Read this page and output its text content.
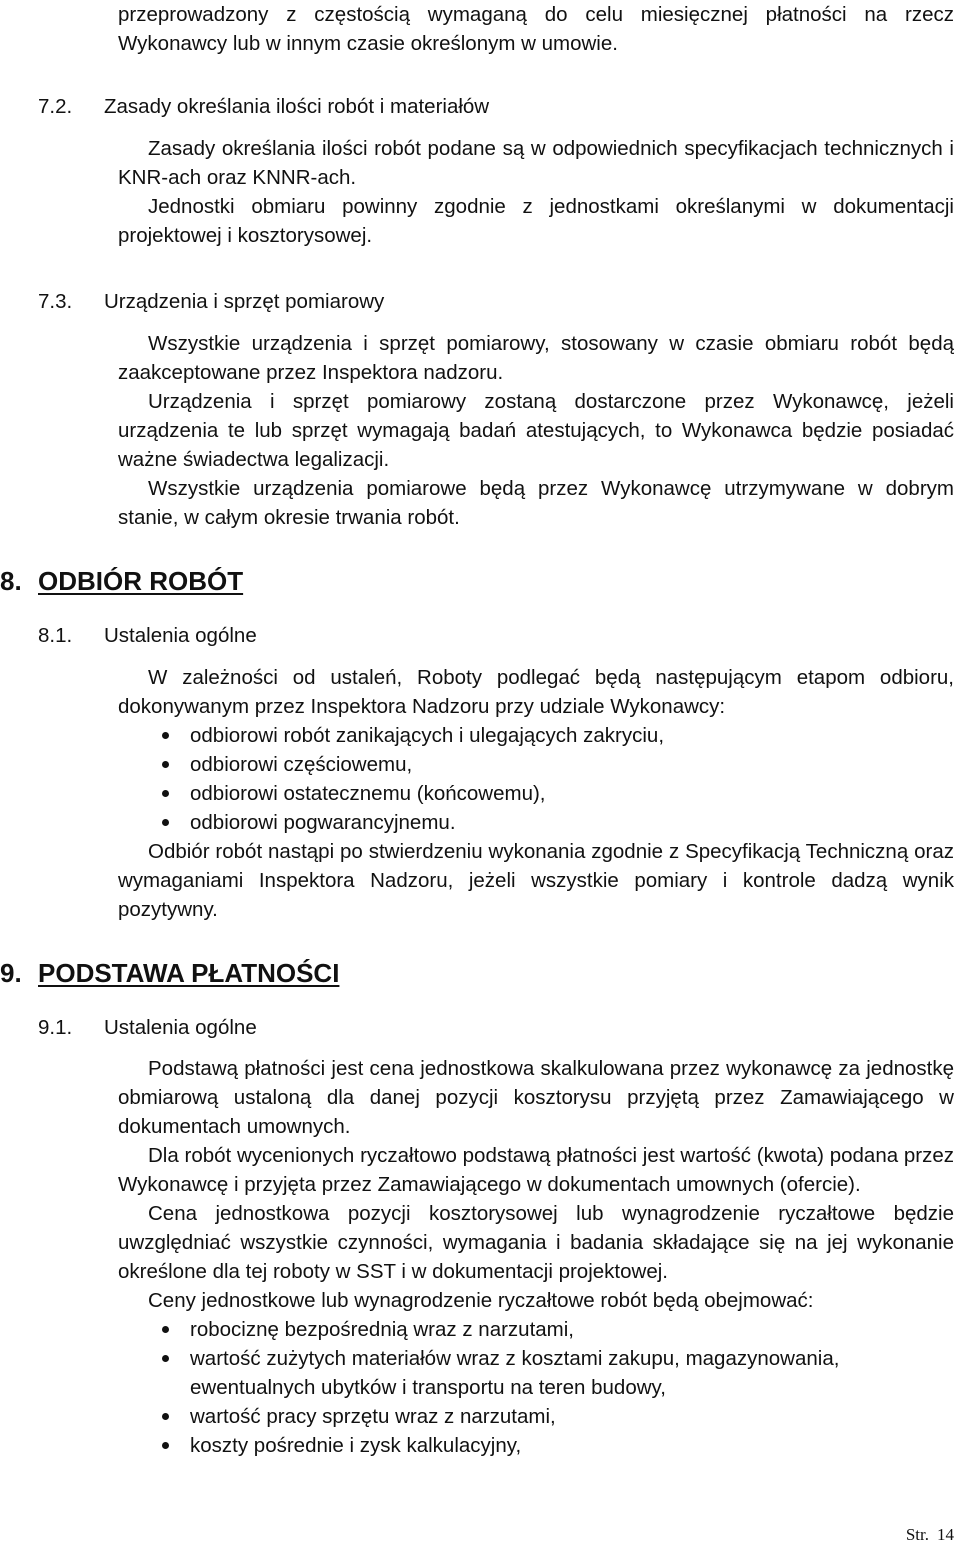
przeprowadzony z częstością wymaganą do celu miesięcznej płatności na rzecz Wykonawcy lub w innym czasie określonym w umowie.

7.2. Zasady określania ilości robót i materiałów

Zasady określania ilości robót podane są w odpowiednich specyfikacjach technicznych i KNR-ach oraz KNNR-ach.

Jednostki obmiaru powinny zgodnie z jednostkami określanymi w dokumentacji projektowej i kosztorysowej.

7.3. Urządzenia i sprzęt pomiarowy

Wszystkie urządzenia i sprzęt pomiarowy, stosowany w czasie obmiaru robót będą zaakceptowane przez Inspektora nadzoru.

Urządzenia i sprzęt pomiarowy zostaną dostarczone przez Wykonawcę, jeżeli urządzenia te lub sprzęt wymagają badań atestujących, to Wykonawca będzie posiadać ważne świadectwa legalizacji.

Wszystkie urządzenia pomiarowe będą przez Wykonawcę utrzymywane w dobrym stanie, w całym okresie trwania robót.

8. ODBIÓR ROBÓT
8.1. Ustalenia ogólne

W zależności od ustaleń, Roboty podlegać będą następującym etapom odbioru, dokonywanym przez Inspektora Nadzoru przy udziale Wykonawcy:

odbiorowi robót zanikających i ulegających zakryciu,
odbiorowi częściowemu,
odbiorowi ostatecznemu (końcowemu),
odbiorowi pogwarancyjnemu.

Odbiór robót nastąpi po stwierdzeniu wykonania zgodnie z Specyfikacją Techniczną oraz wymaganiami Inspektora Nadzoru, jeżeli wszystkie pomiary i kontrole dadzą wynik pozytywny.

9. PODSTAWA PŁATNOŚCI
9.1. Ustalenia ogólne

Podstawą płatności jest cena jednostkowa skalkulowana przez wykonawcę za jednostkę obmiarową ustaloną dla danej pozycji kosztorysu przyjętą przez Zamawiającego w dokumentach umownych.

Dla robót wycenionych ryczałtowo podstawą płatności jest wartość (kwota) podana przez Wykonawcę i przyjęta przez Zamawiającego w dokumentach umownych (ofercie).

Cena jednostkowa pozycji kosztorysowej lub wynagrodzenie ryczałtowe będzie uwzględniać wszystkie czynności, wymagania i badania składające się na jej wykonanie określone dla tej roboty w SST i w dokumentacji projektowej.

Ceny jednostkowe lub wynagrodzenie ryczałtowe robót będą obejmować:

robociznę bezpośrednią wraz z narzutami,
wartość zużytych materiałów wraz z kosztami zakupu, magazynowania, ewentualnych ubytków i transportu na teren budowy,
wartość pracy sprzętu wraz z narzutami,
koszty pośrednie i zysk kalkulacyjny,
Str. 14
